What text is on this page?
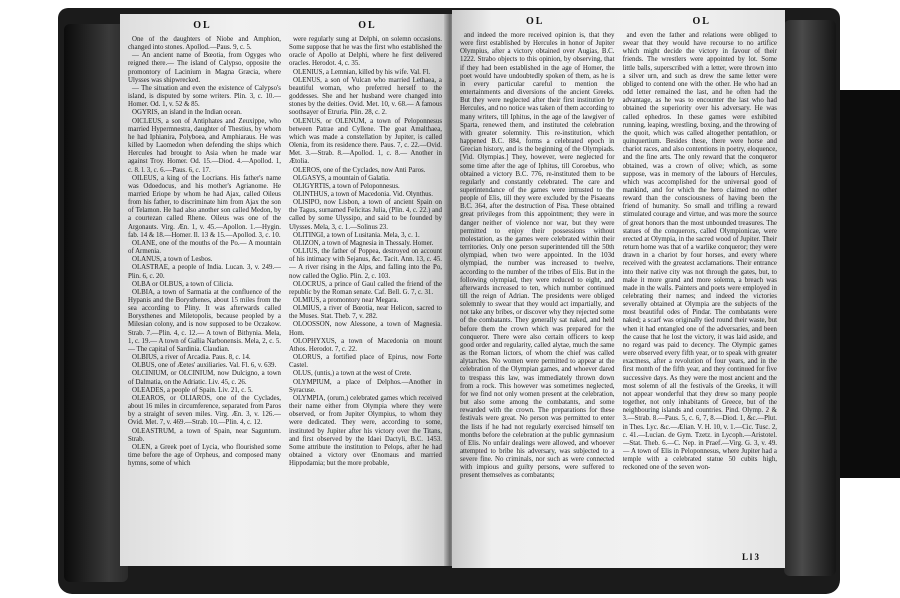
OL	OL

One of the daughters of Niobe and Amphion, changed into stones. Apollod.—Paus. 9, c. 5.

— An ancient name of Bœotia, from Ogyges who reigned there.— The island of Calypso, opposite the promontory of Lacinium in Magna Græcia, where Ulysses was shipwrecked.

— The situation and even the existence of Calypso's island, is disputed by some writers. Plin. 3, c. 10.— Homer. Od. 1, v. 52 & 85.

OGYRIS, an island in the Indian ocean.

OICLEUS, a son of Antiphates and Zeuxippe, who married Hypermnestra, daughter of Thestius, by whom he had Iphianira, Polyboea, and Amphiaraus. He was killed by Laomedon when defending the ships which Hercules had brought to Asia when he made war against Troy. Homer. Od. 15.—Diod. 4.—Apollod. 1, c. 8. l. 3, c. 6.—Paus. 6, c. 17.

OILEUS, a king of the Locrians. His father's name was Odoedocus, and his mother's Agrianome. He married Eriope by whom he had Ajax, called Oileus from his father, to discriminate him from Ajax the son of Telamon. He had also another son called Medon, by a courtezan called Rhene. Oileus was one of the Argonauts. Virg. Æn. 1, v. 45.—Apollon. 1.—Hygin. fab. 14 & 18.—Homer. Il. 13 & 15.—Apollod. 3, c. 10.

OLANE, one of the mouths of the Po.— A mountain of Armenia.

OLANUS, a town of Lesbos.

OLASTRAE, a people of India. Lucan. 3, v. 249.—Plin. 6, c. 20.

OLBA or OLBUS, a town of Cilicia.

OLBIA, a town of Sarmatia at the confluence of the Hypanis and the Borysthenes, about 15 miles from the sea according to Pliny. It was afterwards called Borysthenes and Miletopolis, because peopled by a Milesian colony, and is now supposed to be Oczakow. Strab. 7.—Plin. 4, c. 12.— A town of Bithynia. Mela, 1, c. 19.— A town of Gallia Narbonensis. Mela, 2, c. 5.— The capital of Sardinia. Claudian.

OLBIUS, a river of Arcadia. Paus. 8, c. 14.

OLBUS, one of Æetes' auxiliaries. Val. Fl. 6, v. 639.

OLCINIUM, or OLCINIUM, now Dulcigno, a town of Dalmatia, on the Adriatic. Liv. 45, c. 26.

OLEADES, a people of Spain. Liv. 21, c. 5.

OLEAROS, or OLIAROS, one of the Cyclades, about 16 miles in circumference, separated from Paros by a straight of seven miles. Virg. Æn. 3, v. 126.—Ovid. Met. 7, v. 469.—Strab. 10.—Plin. 4, c. 12.

OLEASTRUM, a town of Spain, near Saguntum. Strab.

OLEN, a Greek poet of Lycia, who flourished some time before the age of Orpheus, and composed many hymns, some of which

were regularly sung at Delphi, on solemn occasions. Some suppose that he was the first who established the oracle of Apollo at Delphi, where he first delivered oracles. Herodot. 4, c. 35.

OLENIUS, a Lemnian, killed by his wife. Val. Fl.

OLENUS, a son of Vulcan who married Lethaea, a beautiful woman, who preferred herself to the goddesses. She and her husband were changed into stones by the deities. Ovid. Met. 10, v. 68.— A famous soothsayer of Etruria. Plin. 28, c. 2.

OLENUS, or OLENUM, a town of Peloponnesus between Patrae and Cyllene. The goat Amalthaea, which was made a constellation by Jupiter, is called Olenia, from its residence there. Paus. 7, c. 22.—Ovid. Met. 3.—Strab. 8.—Apollod. 1, c. 8.— Another in Ætolia.

OLEROS, one of the Cyclades, now Anti Paros.

OLGASYS, a mountain of Galatia.

OLIGYRTIS, a town of Peloponnesus.

OLINTHUS, a town of Macedonia. Vid. Olynthus.

OLISIPO, now Lisbon, a town of ancient Spain on the Tagus, surnamed Felicitas Julia, (Plin. 4, c. 22.) and called by some Ulyssipo, and said to be founded by Ulysses. Mela, 3, c. 1.—Solinus 23.

OLITINGI, a town of Lusitania. Mela, 3, c. 1.

OLIZON, a town of Magnesia in Thessaly. Homer.

OLLIUS, the father of Poppea, destroyed on account of his intimacy with Sejanus, &c. Tacit. Ann. 13, c. 45.— A river rising in the Alps, and falling into the Po, now called the Oglio. Plin. 2, c. 103.

OLOCRUS, a prince of Gaul called the friend of the republic by the Roman senate. Caf. Bell. G. 7, c. 31.

OLMIUS, a promontory near Megara.

OLMIUS, a river of Bœotia, near Helicon, sacred to the Muses. Stat. Theb. 7, v. 282.

OLOOSSON, now Alessone, a town of Magnesia. Hom.

OLOPHYXUS, a town of Macedonia on mount Athos. Herodot. 7, c. 22.

OLORUS, a fortified place of Epirus, now Forte Castel.

OLUS, (untis,) a town at the west of Crete.

OLYMPIUM, a place of Delphos.—Another in Syracuse.

OLYMPIA, (orum,) celebrated games which received their name either from Olympia where they were observed, or from Jupiter Olympius, to whom they were dedicated. They were, according to some, instituted by Jupiter after his victory over the Titans, and first observed by the Idaei Dactyli, B.C. 1453. Some attribute the institution to Pelops, after he had obtained a victory over Œnomaus and married Hippodamia; but the more probable,

OL	OL

and indeed the more received opinion is, that they were first established by Hercules in honor of Jupiter Olympius, after a victory obtained over Augias, B.C. 1222. Strabo objects to this opinion, by observing, that if they had been established in the age of Homer, the poet would have undoubtedly spoken of them, as he is in every particular careful to mention the entertainments and diversions of the ancient Greeks. But they were neglected after their first institution by Hercules, and no notice was taken of them according to many writers, till Iphitus, in the age of the lawgiver of Sparta, renewed them, and instituted the celebration with greater solemnity. This re-institution, which happened B.C. 884, forms a celebrated epoch in Grecian history, and is the beginning of the Olympiads. [Vid. Olympias.] They, however, were neglected for some time after the age of Iphitus, till Coroebus, who obtained a victory B.C. 776, re-instituted them to be regularly and constantly celebrated. The care and superintendance of the games were intrusted to the people of Elis, till they were excluded by the Pisaeans B.C. 364, after the destruction of Pisa. These obtained great privileges from this appointment; they were in danger neither of violence nor war, but they were permitted to enjoy their possessions without molestation, as the games were celebrated within their territories. Only one person superintended till the 50th olympiad, when two were appointed. In the 103d olympiad, the number was increased to twelve, according to the number of the tribes of Elis. But in the following olympiad, they were reduced to eight, and afterwards increased to ten, which number continued till the reign of Adrian. The presidents were obliged solemnly to swear that they would act impartially, and not take any bribes, or discover why they rejected some of the combatants. They generally sat naked, and held before them the crown which was prepared for the conqueror. There were also certain officers to keep good order and regularity, called alytae, much the same as the Roman lictors, of whom the chief was called alytarches. No women were permitted to appear at the celebration of the Olympian games, and whoever dared to trespass this law, was immediately thrown down from a rock. This however was sometimes neglected, for we find not only women present at the celebration, but also some among the combatants, and some rewarded with the crown. The preparations for these festivals were great. No person was permitted to enter the lists if he had not regularly exercised himself ten months before the celebration at the public gymnasium of Elis. No unfair dealings were allowed, and whoever attempted to bribe his adversary, was subjected to a severe fine. No criminals, nor such as were connected with impious and guilty persons, were suffered to present themselves as combatants;

and even the father and relations were obliged to swear that they would have recourse to no artifice which might decide the victory in favour of their friends. The wrestlers were appointed by lot. Some little balls, superscribed with a letter, were thrown into a silver urn, and such as drew the same letter were obliged to contend one with the other. He who had an odd letter remained the last, and he often had the advantage, as he was to encounter the last who had obtained the superiority over his adversary. He was called ephedros. In these games were exhibited running, leaping, wrestling, boxing, and the throwing of the quoit, which was called altogether pentathlon, or quinquertium. Besides these, there were horse and chariot races, and also contentions in poetry, eloquence, and the fine arts. The only reward that the conqueror obtained, was a crown of olive; which, as some suppose, was in memory of the labours of Hercules, which was accomplished for the universal good of mankind, and for which the hero claimed no other reward than the consciousness of having been the friend of humanity. So small and trifling a reward stimulated courage and virtue, and was more the source of great honors than the most unbounded treasures. The statues of the conquerors, called Olympionicae, were erected at Olympia, in the sacred wood of Jupiter. Their return home was that of a warlike conqueror; they were drawn in a chariot by four horses, and every where received with the greatest acclamations. Their entrance into their native city was not through the gates, but, to make it more grand and more solemn, a breach was made in the walls. Painters and poets were employed in celebrating their names; and indeed the victories severally obtained at Olympia are the subjects of the most beautiful odes of Pindar. The combatants were naked; a scarf was originally tied round their waste, but when it had entangled one of the adversaries, and been the cause that he lost the victory, it was laid aside, and no regard was paid to decency. The Olympic games were observed every fifth year, or to speak with greater exactness, after a revolution of four years, and in the first month of the fifth year, and they continued for five successive days. As they were the most ancient and the most solemn of all the festivals of the Greeks, it will not appear wonderful that they drew so many people together, not only inhabitants of Greece, but of the neighbouring islands and countries. Pind. Olymp. 2 & 3.—Strab. 8.—Paus. 5, c. 6, 7, 8.—Diod. 1, &c.—Plut. in Thes. Lyc. &c.—Ælian. V. H. 10, v. 1.—Cic. Tusc. 2, c. 41.—Lucian. de Gym. Tzetz. in Lycoph.—Aristotel.—Stat. Theb. 6.—C. Nep. in Praef.—Virg. G. 3, v. 49.— A town of Elis in Peloponnesus, where Jupiter had a temple with a celebrated statue 50 cubits high, reckoned one of the seven won-

L l 3
